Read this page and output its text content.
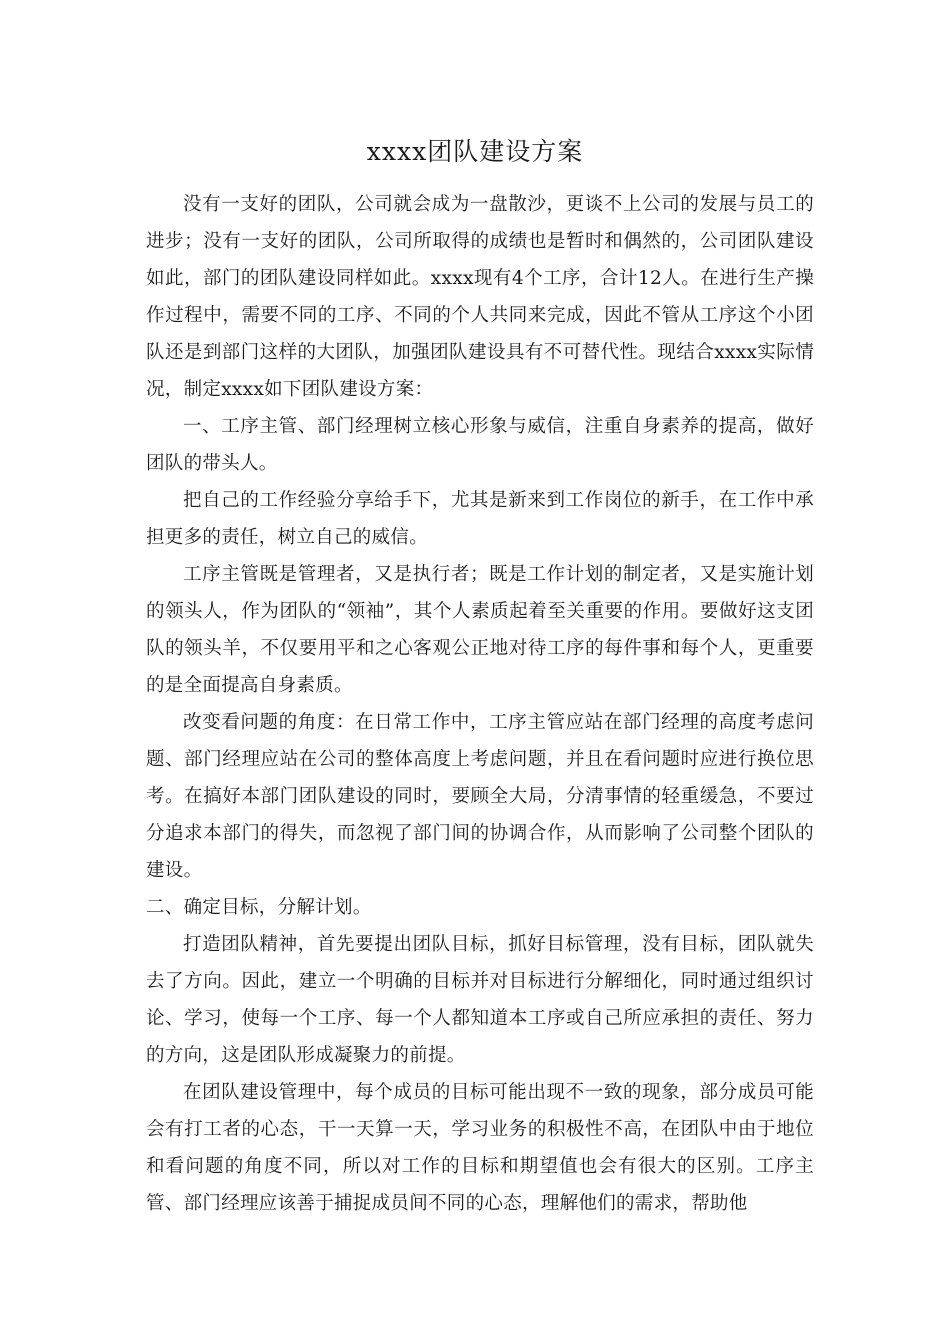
xxxx团队建设方案

没有一支好的团队，公司就会成为一盘散沙，更谈不上公司的发展与员工的进步；没有一支好的团队，公司所取得的成绩也是暂时和偶然的，公司团队建设如此，部门的团队建设同样如此。xxxx现有4个工序，合计12人。在进行生产操作过程中，需要不同的工序、不同的个人共同来完成，因此不管从工序这个小团队还是到部门这样的大团队，加强团队建设具有不可替代性。现结合xxxx实际情况，制定xxxx如下团队建设方案：

一、工序主管、部门经理树立核心形象与威信，注重自身素养的提高，做好团队的带头人。

把自己的工作经验分享给手下，尤其是新来到工作岗位的新手，在工作中承担更多的责任，树立自己的威信。

工序主管既是管理者，又是执行者；既是工作计划的制定者，又是实施计划的领头人，作为团队的“领袖”，其个人素质起着至关重要的作用。要做好这支团队的领头羊，不仅要用平和之心客观公正地对待工序的每件事和每个人，更重要的是全面提高自身素质。

改变看问题的角度：在日常工作中，工序主管应站在部门经理的高度考虑问题、部门经理应站在公司的整体高度上考虑问题，并且在看问题时应进行换位思考。在搞好本部门团队建设的同时，要顾全大局，分清事情的轻重缓急，不要过分追求本部门的得失，而忽视了部门间的协调合作，从而影响了公司整个团队的建设。

二、确定目标，分解计划。

打造团队精神，首先要提出团队目标，抓好目标管理，没有目标，团队就失去了方向。因此，建立一个明确的目标并对目标进行分解细化，同时通过组织讨论、学习，使每一个工序、每一个人都知道本工序或自己所应承担的责任、努力的方向，这是团队形成凝聚力的前提。

在团队建设管理中，每个成员的目标可能出现不一致的现象，部分成员可能会有打工者的心态，干一天算一天，学习业务的积极性不高，在团队中由于地位和看问题的角度不同，所以对工作的目标和期望值也会有很大的区别。工序主管、部门经理应该善于捕捉成员间不同的心态，理解他们的需求，帮助他
